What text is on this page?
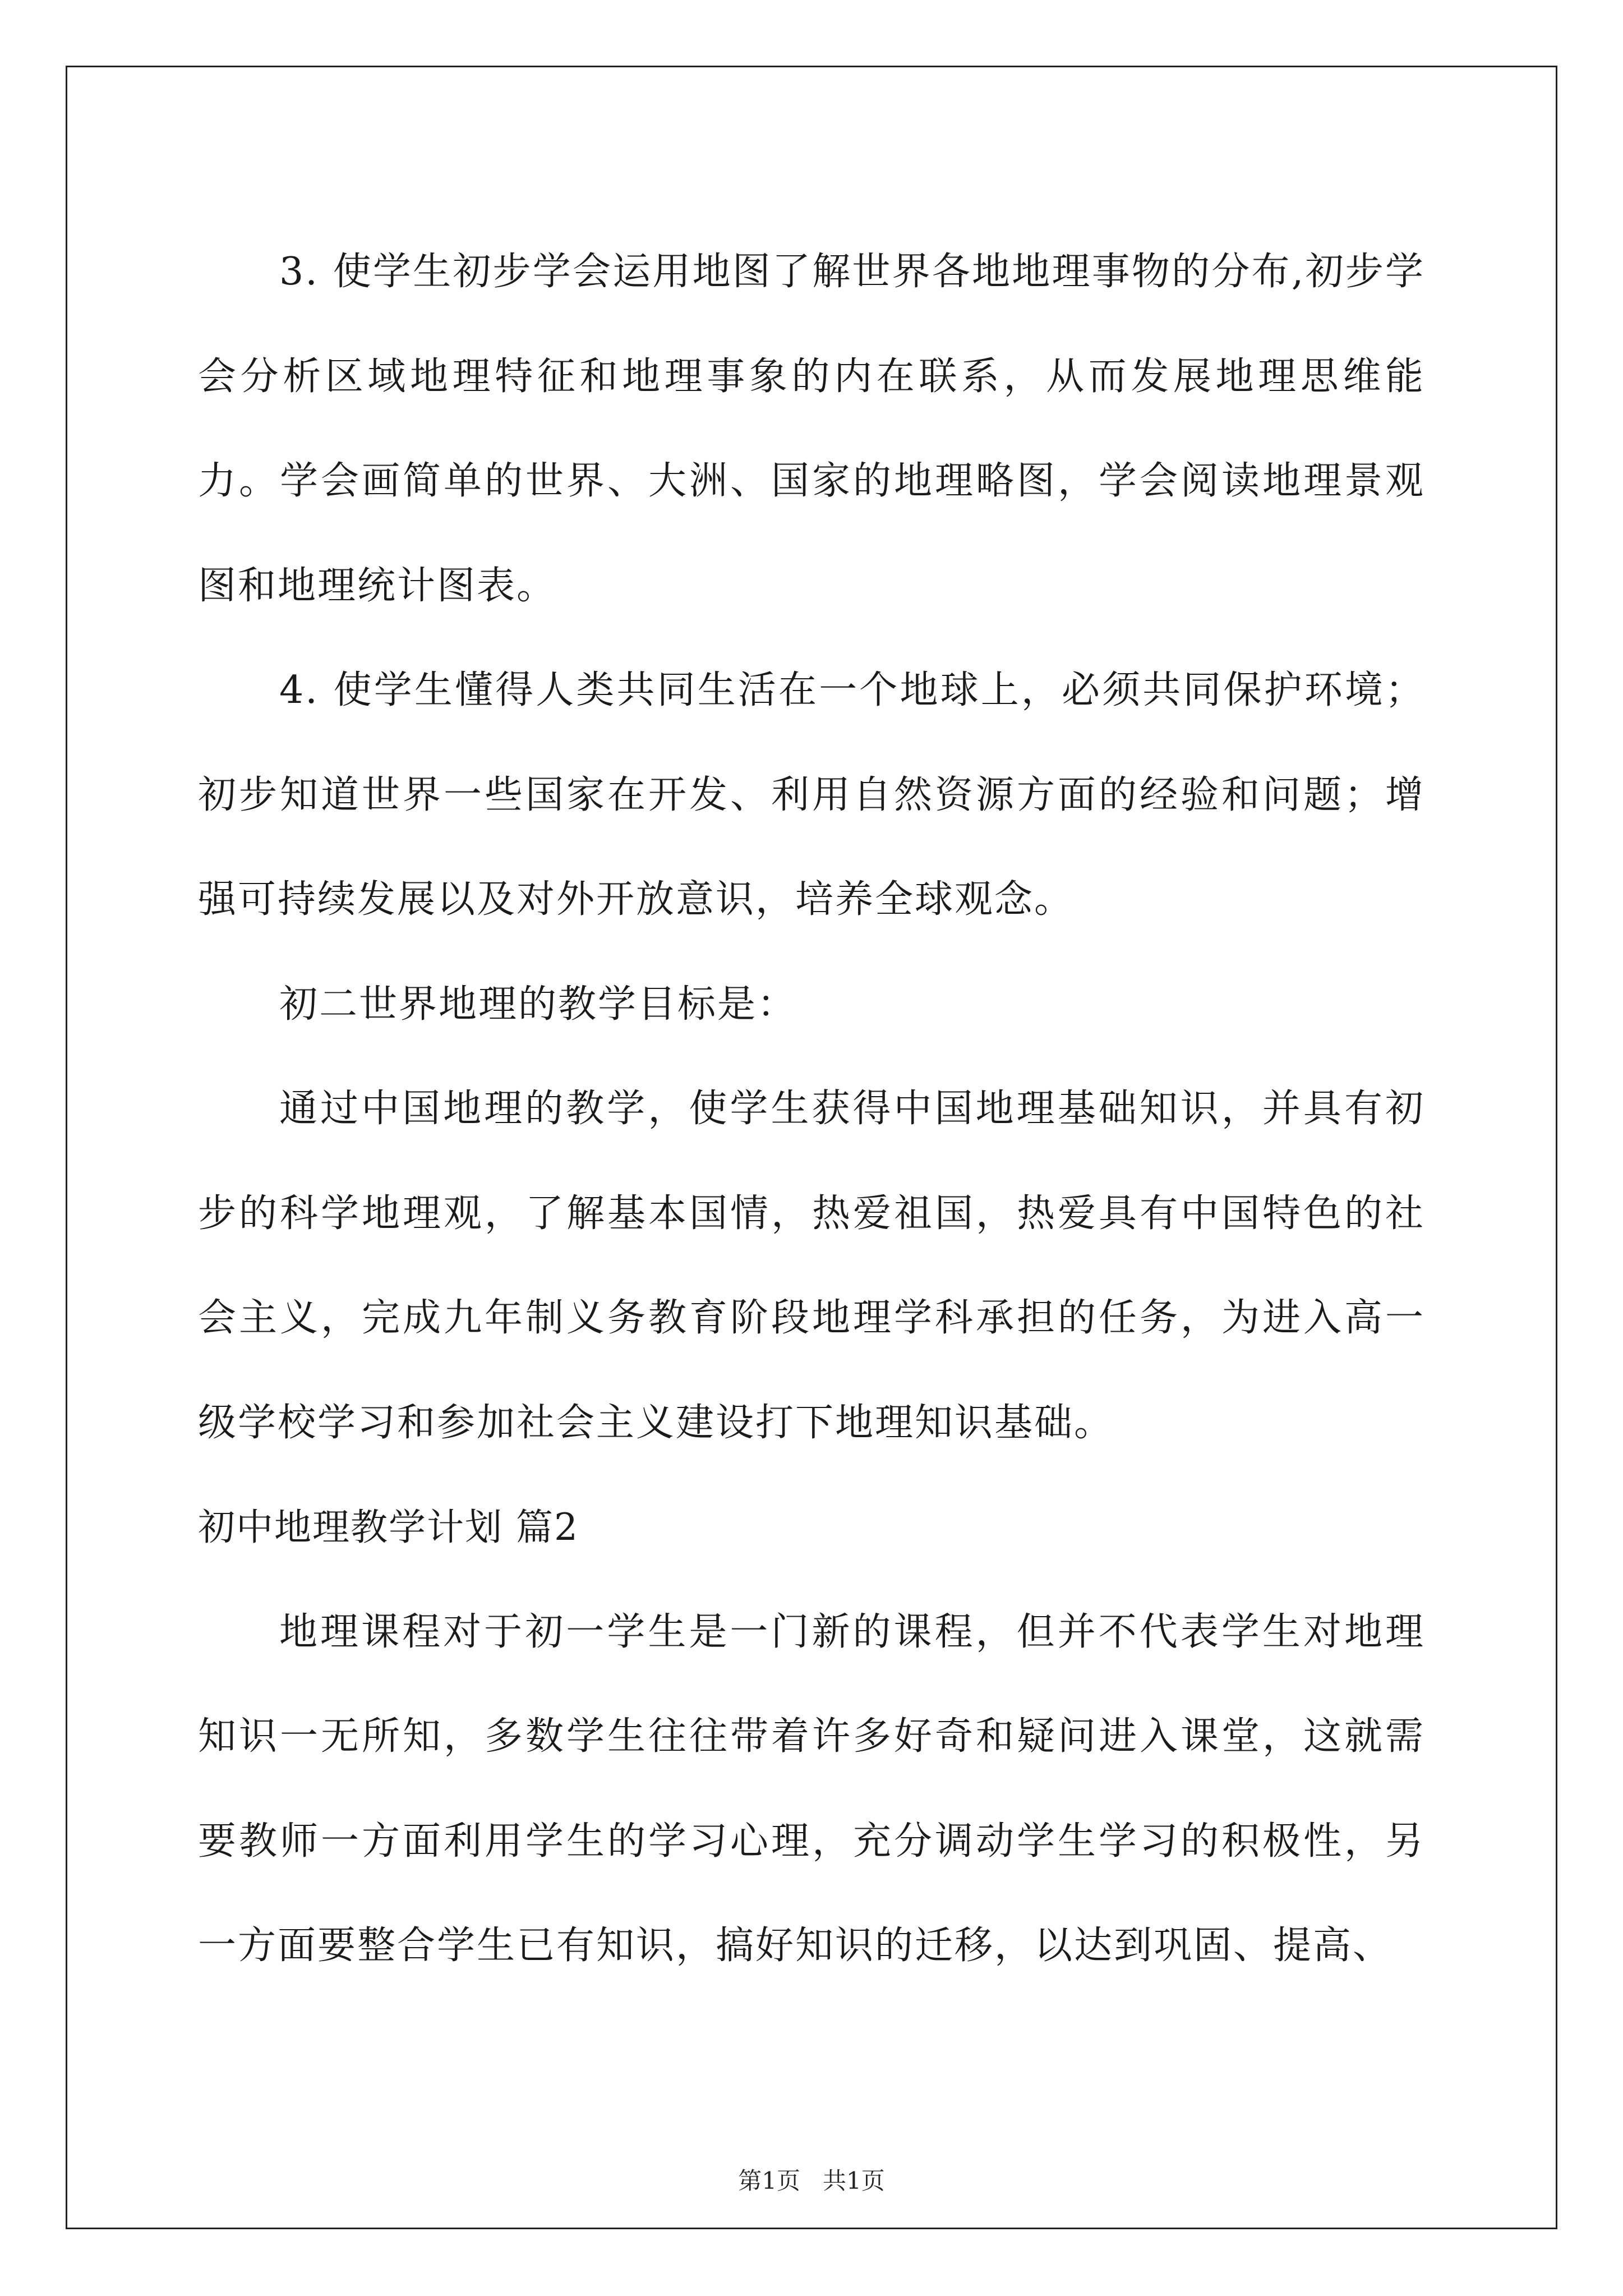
3. 使学生初步学会运用地图了解世界各地地理事物的分布,初步学会分析区域地理特征和地理事象的内在联系，从而发展地理思维能力。学会画简单的世界、大洲、国家的地理略图，学会阅读地理景观图和地理统计图表。

4. 使学生懂得人类共同生活在一个地球上，必须共同保护环境；初步知道世界一些国家在开发、利用自然资源方面的经验和问题；增强可持续发展以及对外开放意识，培养全球观念。

初二世界地理的教学目标是：

通过中国地理的教学，使学生获得中国地理基础知识，并具有初步的科学地理观，了解基本国情，热爱祖国，热爱具有中国特色的社会主义，完成九年制义务教育阶段地理学科承担的任务，为进入高一级学校学习和参加社会主义建设打下地理知识基础。

初中地理教学计划 篇2

地理课程对于初一学生是一门新的课程，但并不代表学生对地理知识一无所知，多数学生往往带着许多好奇和疑问进入课堂，这就需要教师一方面利用学生的学习心理，充分调动学生学习的积极性，另一方面要整合学生已有知识，搞好知识的迁移，以达到巩固、提高、

第1页 共1页
